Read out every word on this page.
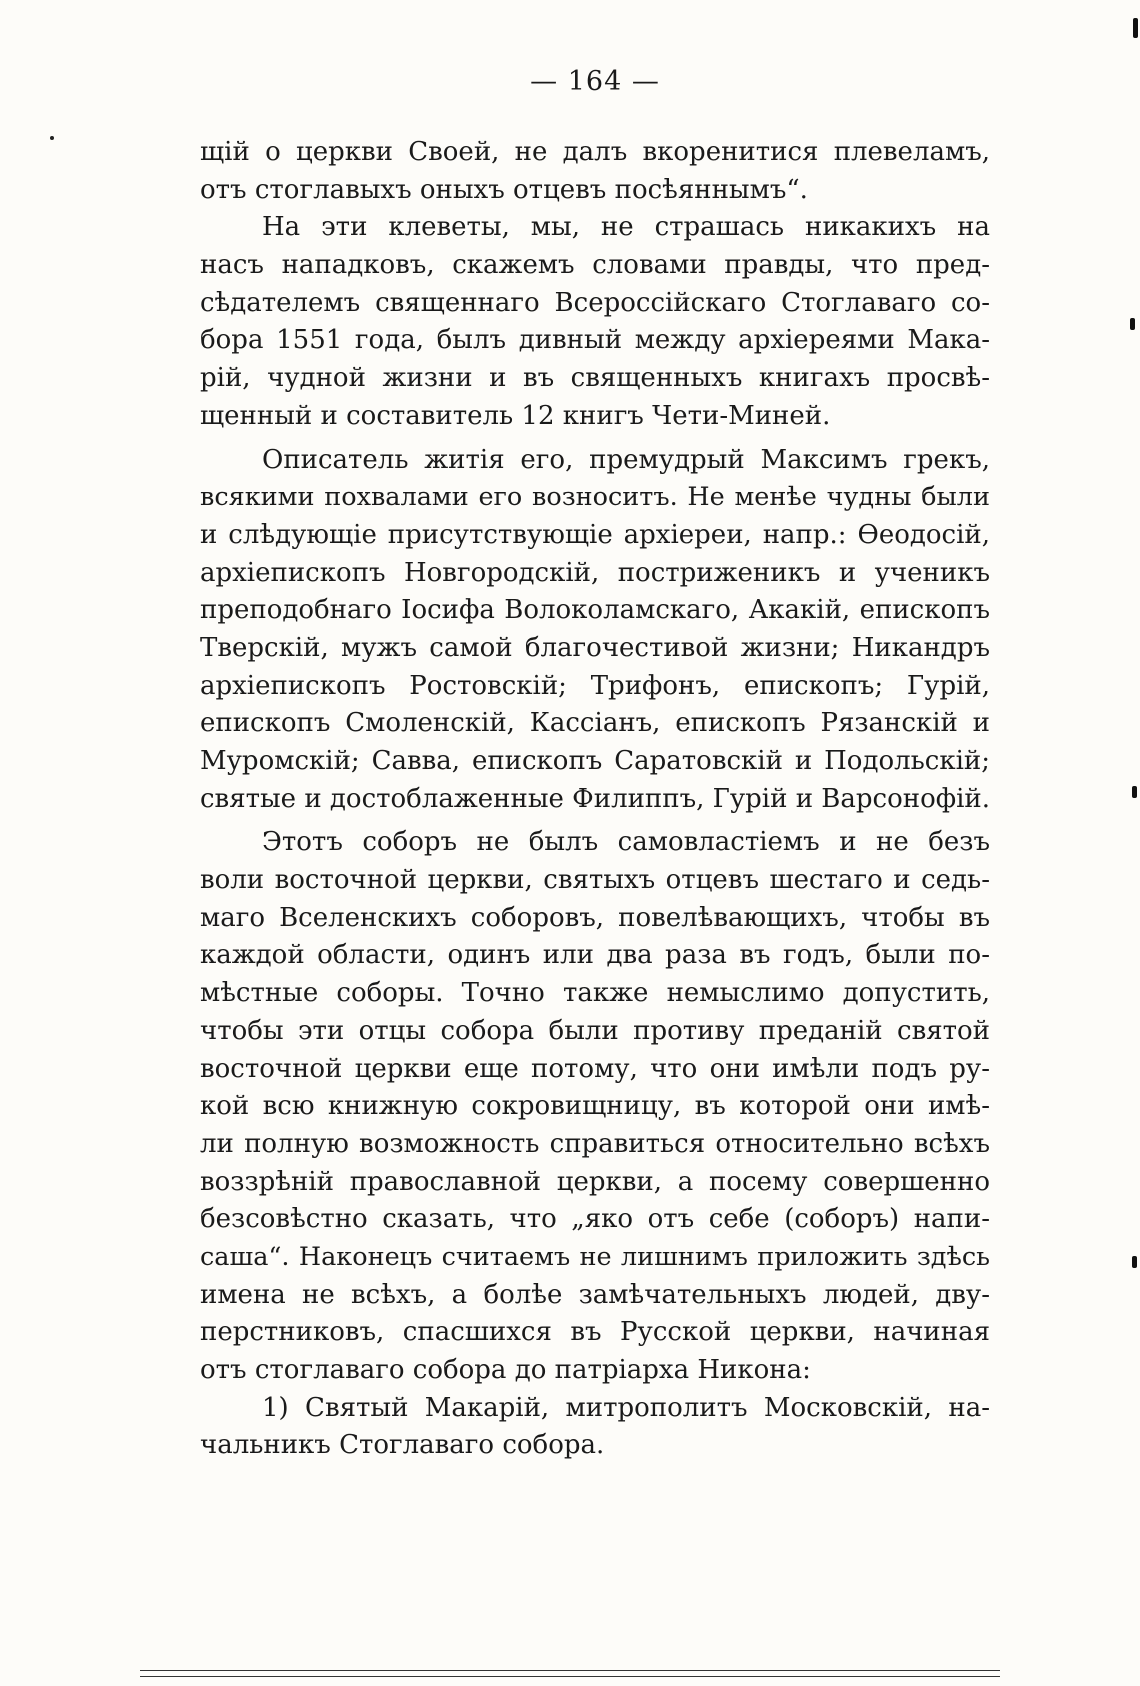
— 164 —
щій о церкви Своей, не далъ вкоренитися плевеламъ,
отъ стоглавыхъ оныхъ отцевъ посѣяннымъ“.
На эти клеветы, мы, не страшась никакихъ на
насъ нападковъ, скажемъ словами правды, что пред-
сѣдателемъ священнаго Всероссійскаго Стоглаваго со-
бора 1551 года, былъ дивный между архіереями Мака-
рій, чудной жизни и въ священныхъ книгахъ просвѣ-
щенный и составитель 12 книгъ Чети-Миней.
Описатель житія его, премудрый Максимъ грекъ,
всякими похвалами его возноситъ. Не менѣе чудны были
и слѣдующіе присутствующіе архіереи, напр.: Ѳеодосій,
архіепископъ Новгородскій, постриженикъ и ученикъ
преподобнаго Іосифа Волоколамскаго, Акакій, епископъ
Тверскій, мужъ самой благочестивой жизни; Никандръ
архіепископъ Ростовскій; Трифонъ, епископъ; Гурій,
епископъ Смоленскій, Кассіанъ, епископъ Рязанскій и
Муромскій; Савва, епископъ Саратовскій и Подольскій;
святые и достоблаженные Филиппъ, Гурій и Варсонофій.
Этотъ соборъ не былъ самовластіемъ и не безъ
воли восточной церкви, святыхъ отцевъ шестаго и седь-
маго Вселенскихъ соборовъ, повелѣвающихъ, чтобы въ
каждой области, одинъ или два раза въ годъ, были по-
мѣстные соборы. Точно также немыслимо допустить,
чтобы эти отцы собора были противу преданій святой
восточной церкви еще потому, что они имѣли подъ ру-
кой всю книжную сокровищницу, въ которой они имѣ-
ли полную возможность справиться относительно всѣхъ
воззрѣній православной церкви, а посему совершенно
безсовѣстно сказать, что „яко отъ себе (соборъ) напи-
саша“. Наконецъ считаемъ не лишнимъ приложить здѣсь
имена не всѣхъ, а болѣе замѣчательныхъ людей, дву-
перстниковъ, спасшихся въ Русской церкви, начиная
отъ стоглаваго собора до патріарха Никона:
1) Святый Макарій, митрополитъ Московскій, на-
чальникъ Стоглаваго собора.
